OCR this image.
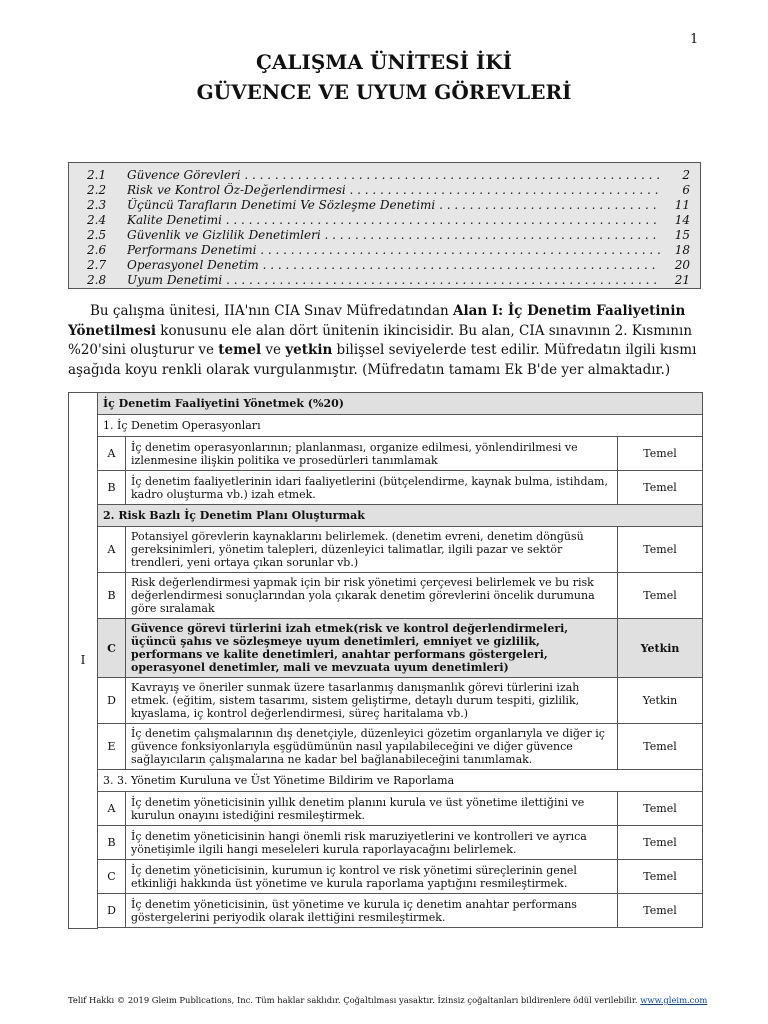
1
ÇALIŞMA ÜNİTESİ İKİ
GÜVENCE VE UYUM GÖREVLERİ
2.1 Güvence Görevleri . . .	2
2.2 Risk ve Kontrol Öz-Değerlendirmesi . . .	6
2.3 Üçüncü Tarafların Denetimi Ve Sözleşme Denetimi . . .	11
2.4 Kalite Denetimi . . .	14
2.5 Güvenlik ve Gizlilik Denetimleri . . .	15
2.6 Performans Denetimi . . .	18
2.7 Operasyonel Denetim . . .	20
2.8 Uyum Denetimi . . .	21

Bu çalışma ünitesi, IIA'nın CIA Sınav Müfredatından Alan I: İç Denetim Faaliyetinin Yönetilmesi konusunu ele alan dört ünitenin ikincisidir. Bu alan, CIA sınavının 2. Kısmının %20'sini oluşturur ve temel ve yetkin bilişsel seviyelerde test edilir. Müfredatın ilgili kısmı aşağıda koyu renkli olarak vurgulanmıştır. (Müfredatın tamamı Ek B'de yer almaktadır.)

I	İç Denetim Faaliyetini Yönetmek (%20)		
	1. İç Denetim Operasyonları		
	A	İç denetim operasyonlarının; planlanması, organize edilmesi, yönlendirilmesi ve izlenmesine ilişkin politika ve prosedürleri tanımlamak	Temel
	B	İç denetim faaliyetlerinin idari faaliyetlerini (bütçelendirme, kaynak bulma, istihdam, kadro oluşturma vb.) izah etmek.	Temel
	2. Risk Bazlı İç Denetim Planı Oluşturmak		
	A	Potansiyel görevlerin kaynaklarını belirlemek. (denetim evreni, denetim döngüsü gereksinimleri, yönetim talepleri, düzenleyici talimatlar, ilgili pazar ve sektör trendleri, yeni ortaya çıkan sorunlar vb.)	Temel
	B	Risk değerlendirmesi yapmak için bir risk yönetimi çerçevesi belirlemek ve bu risk değerlendirmesi sonuçlarından yola çıkarak denetim görevlerini öncelik durumuna göre sıralamak	Temel
	C	Güvence görevi türlerini izah etmek(risk ve kontrol değerlendirmeleri, üçüncü şahıs ve sözleşmeye uyum denetimleri, emniyet ve gizlilik, performans ve kalite denetimleri, anahtar performans göstergeleri, operasyonel denetimler, mali ve mevzuata uyum denetimleri)	Yetkin
	D	Kavrayış ve öneriler sunmak üzere tasarlanmış danışmanlık görevi türlerini izah etmek. (eğitim, sistem tasarımı, sistem geliştirme, detaylı durum tespiti, gizlilik, kıyaslama, iç kontrol değerlendirmesi, süreç haritalama vb.)	Yetkin
	E	İç denetim çalışmalarının dış denetçiyle, düzenleyici gözetim organlarıyla ve diğer iç güvence fonksiyonlarıyla eşgüdümünün nasıl yapılabileceğini ve diğer güvence sağlayıcıların çalışmalarına ne kadar bel bağlanabileceğini tanımlamak.	Temel
	3. 3. Yönetim Kuruluna ve Üst Yönetime Bildirim ve Raporlama		
	A	İç denetim yöneticisinin yıllık denetim planını kurula ve üst yönetime ilettiğini ve kurulun onayını istediğini resmileştirmek.	Temel
	B	İç denetim yöneticisinin hangi önemli risk maruziyetlerini ve kontrolleri ve ayrıca yönetişimle ilgili hangi meseleleri kurula raporlayacağını belirlemek.	Temel
	C	İç denetim yöneticisinin, kurumun iç kontrol ve risk yönetimi süreçlerinin genel etkinliği hakkında üst yönetime ve kurula raporlama yaptığını resmileştirmek.	Temel
	D	İç denetim yöneticisinin, üst yönetime ve kurula iç denetim anahtar performans göstergelerini periyodik olarak ilettiğini resmileştirmek.	Temel

Telif Hakkı © 2019 Gleim Publications, Inc. Tüm haklar saklıdır. Çoğaltılması yasaktır. İzinsiz çoğaltanları bildirenlere ödül verilebilir. www.gleim.com
